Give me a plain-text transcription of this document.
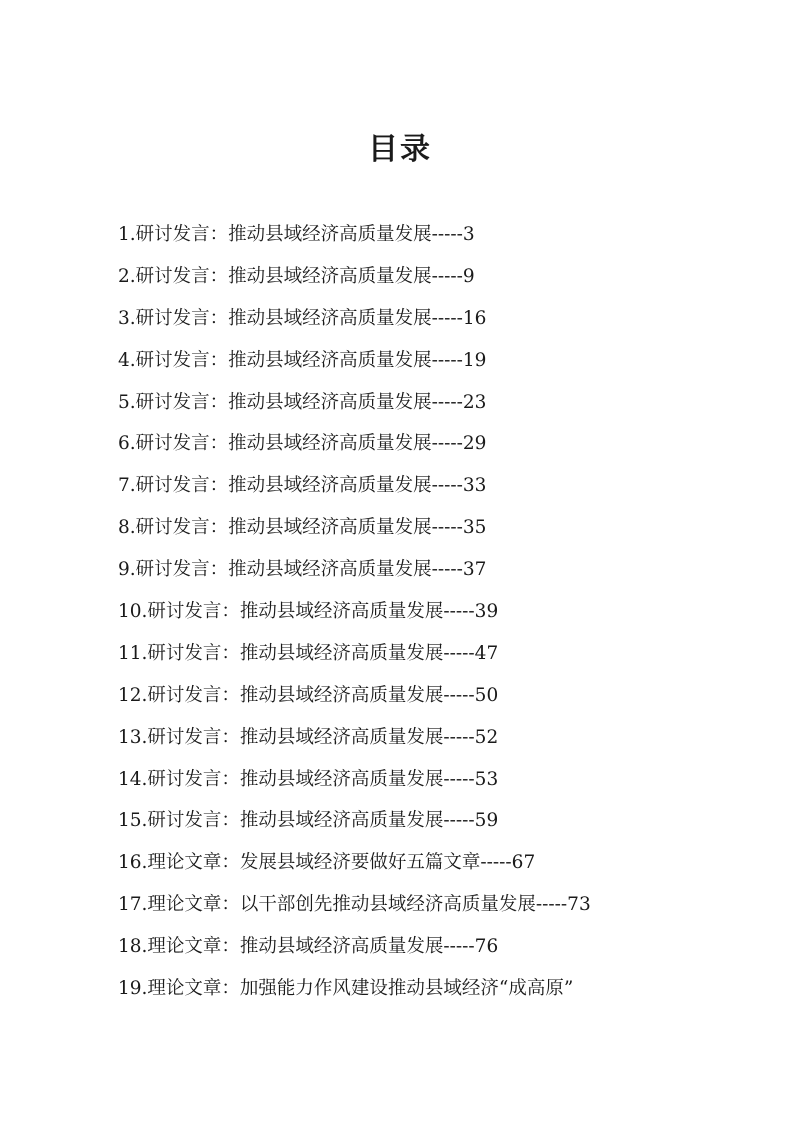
目录
1.研讨发言：推动县域经济高质量发展-----3
2.研讨发言：推动县域经济高质量发展-----9
3.研讨发言：推动县域经济高质量发展-----16
4.研讨发言：推动县域经济高质量发展-----19
5.研讨发言：推动县域经济高质量发展-----23
6.研讨发言：推动县域经济高质量发展-----29
7.研讨发言：推动县域经济高质量发展-----33
8.研讨发言：推动县域经济高质量发展-----35
9.研讨发言：推动县域经济高质量发展-----37
10.研讨发言：推动县域经济高质量发展-----39
11.研讨发言：推动县域经济高质量发展-----47
12.研讨发言：推动县域经济高质量发展-----50
13.研讨发言：推动县域经济高质量发展-----52
14.研讨发言：推动县域经济高质量发展-----53
15.研讨发言：推动县域经济高质量发展-----59
16.理论文章：发展县域经济要做好五篇文章-----67
17.理论文章：以干部创先推动县域经济高质量发展-----73
18.理论文章：推动县域经济高质量发展-----76
19.理论文章：加强能力作风建设推动县域经济“成高原”
